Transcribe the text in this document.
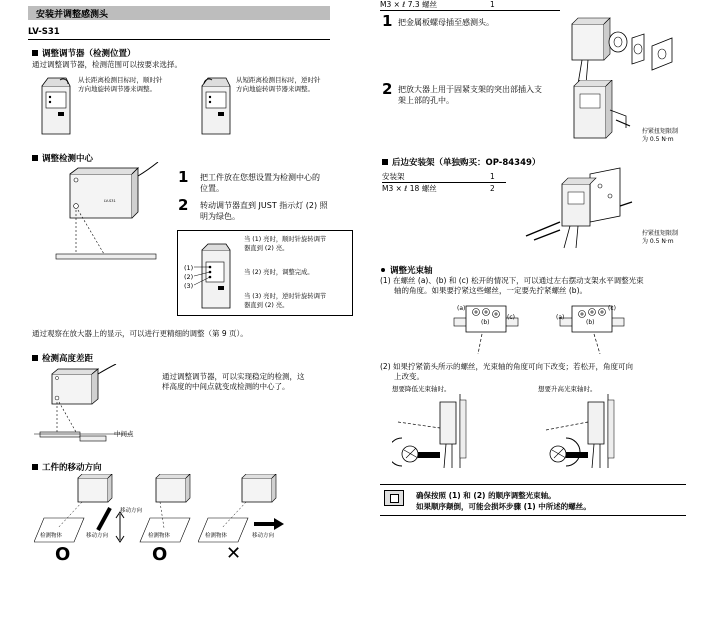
安装并调整感测头
LV-S31
调整调节器（检测位置）
通过调整调节器，检测范围可以按要求选择。
从长距离检测目标时，顺时针
方向地旋转调节器来调整。
从短距离检测目标时，逆时针
方向地旋转调节器来调整。
调整检测中心
LV-S31
1 把工件放在您想设置为检测中心的
位置。
2 转动调节器直到 JUST 指示灯 (2) 照
明为绿色。
(1)
(2)
(3)
当 (1) 亮时，顺时针旋转调节
器直到 (2) 亮。
当 (2) 亮时，调整完成。
当 (3) 亮时，逆时针旋转调节
器直到 (2) 亮。
通过观察在放大器上的显示，可以进行更精细的调整（第 9 页）。
检测高度差距
中间点
通过调整调节器，可以实现稳定的检测，这
样高度的中间点就变成检测的中心了。
工件的移动方向
检测物体	移动方向
移动方向
检测物体	检测物体	移动方向
O	O	✕
M3 × ℓ 7.3 螺丝	1
1 把金属板螺母插至感测头。
2 把放大器上用于固紧支架的突出部插入支
架上部的孔中。
拧紧扭矩限制
为 0.5 N·m
后边安装架（单独购买：OP-84349）
安装架	1
M3 × ℓ 18 螺丝	2
拧紧扭矩限制
为 0.5 N·m
调整光束轴
(1) 在螺丝 (a)、(b) 和 (c) 松开的情况下，可以通过左右摆动支架水平调整光束
轴的角度。如果要拧紧这些螺丝，一定要先拧紧螺丝 (b)。
(a)
(b)
(c)	(a)
(b)
(c)
(2) 如果拧紧箭头所示的螺丝，光束轴的角度可向下改变；若松开，角度可向
上改变。
想要降低光束轴时。	想要升高光束轴时。
确保按照 (1) 和 (2) 的顺序调整光束轴。
如果顺序颠倒，可能会损坏步骤 (1) 中所述的螺丝。
